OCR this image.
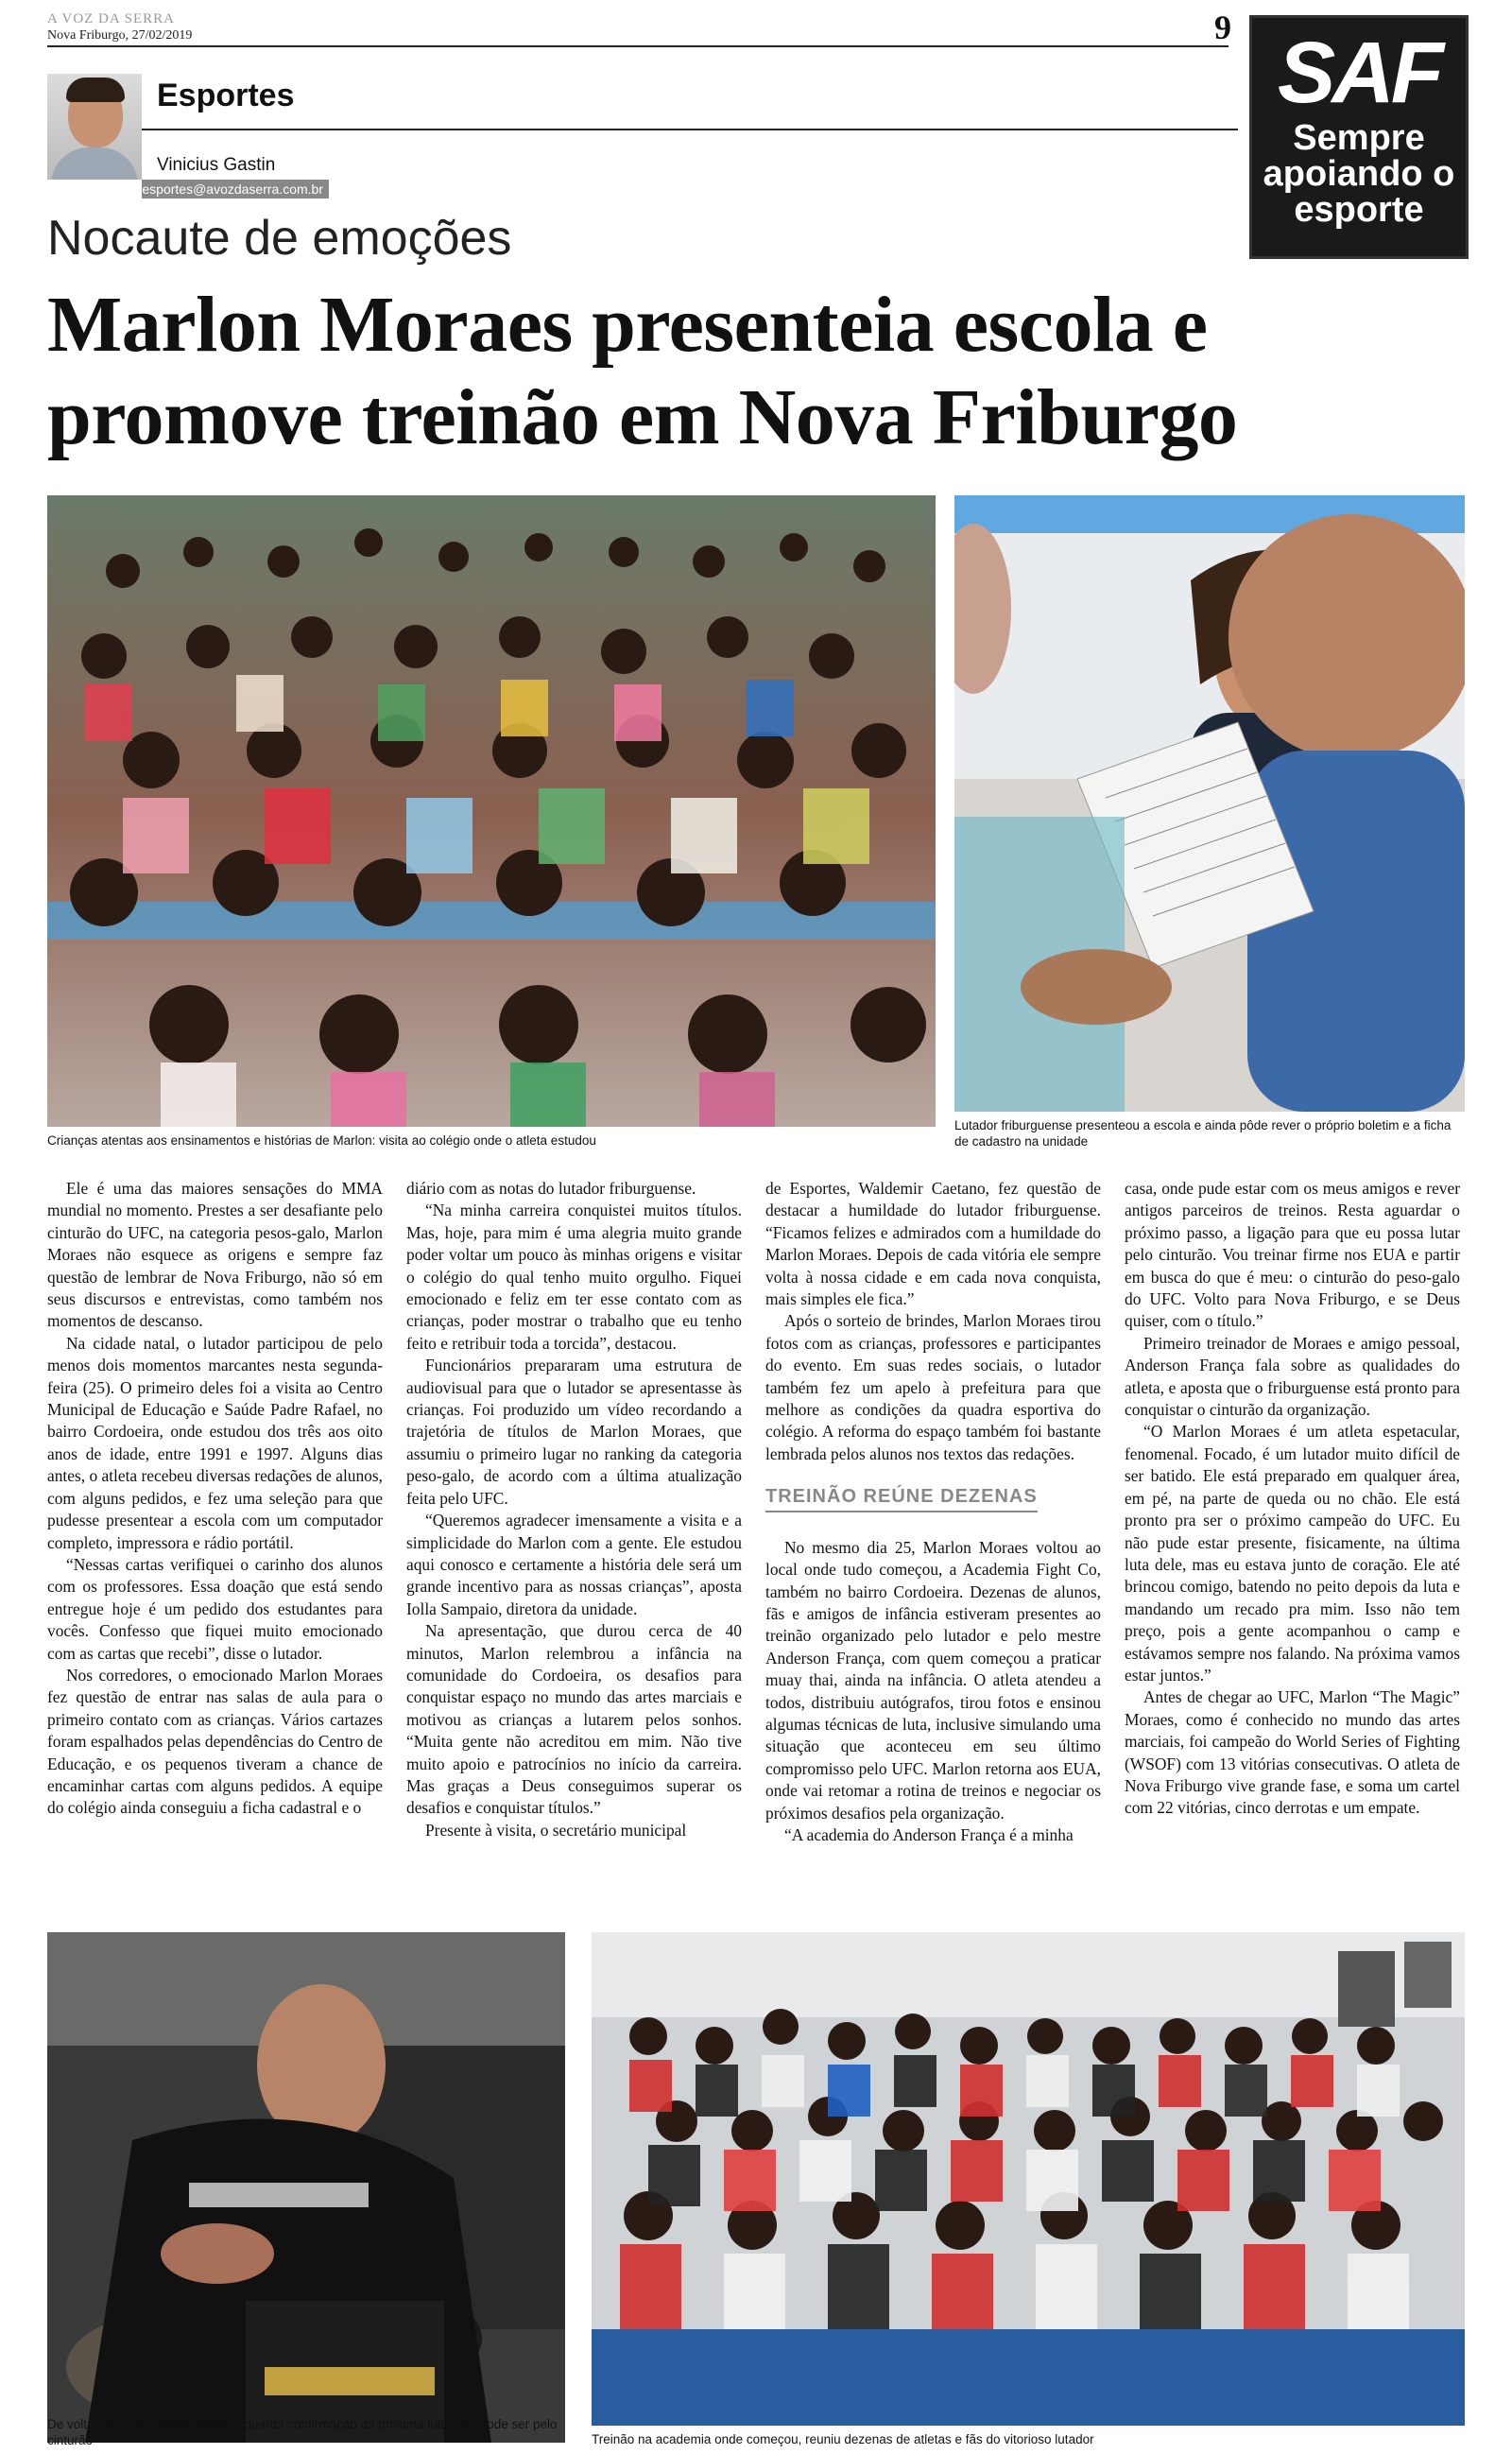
A VOZ DA SERRA
Nova Friburgo, 27/02/2019	9 SAF
Sempre
apoiando o
esporte
Esportes
Vinicius Gastin
esportes@avozdaserra.com.br
Nocaute de emoções
Marlon Moraes presenteia escola e promove treinão em Nova Friburgo
Crianças atentas aos ensinamentos e histórias de Marlon: visita ao colégio onde o atleta estudou
Lutador friburguense presenteou a escola e ainda pôde rever o próprio boletim e a ficha de cadastro na unidade

Ele é uma das maiores sensações do MMA mundial no momento. Prestes a ser desafiante pelo cinturão do UFC, na categoria pesos-galo, Marlon Moraes não esquece as origens e sempre faz questão de lembrar de Nova Friburgo, não só em seus discursos e entrevistas, como também nos momentos de descanso.

Na cidade natal, o lutador participou de pelo menos dois momentos marcantes nesta segunda-feira (25). O primeiro deles foi a visita ao Centro Municipal de Educação e Saúde Padre Rafael, no bairro Cordoeira, onde estudou dos três aos oito anos de idade, entre 1991 e 1997. Alguns dias antes, o atleta recebeu diversas redações de alunos, com alguns pedidos, e fez uma seleção para que pudesse presentear a escola com um computador completo, impressora e rádio portátil.

“Nessas cartas verifiquei o carinho dos alunos com os professores. Essa doação que está sendo entregue hoje é um pedido dos estudantes para vocês. Confesso que fiquei muito emocionado com as cartas que recebi”, disse o lutador.

Nos corredores, o emocionado Marlon Moraes fez questão de entrar nas salas de aula para o primeiro contato com as crianças. Vários cartazes foram espalhados pelas dependências do Centro de Educação, e os pequenos tiveram a chance de encaminhar cartas com alguns pedidos. A equipe do colégio ainda conseguiu a ficha cadastral e o

diário com as notas do lutador friburguense.

“Na minha carreira conquistei muitos títulos. Mas, hoje, para mim é uma alegria muito grande poder voltar um pouco às minhas origens e visitar o colégio do qual tenho muito orgulho. Fiquei emocionado e feliz em ter esse contato com as crianças, poder mostrar o trabalho que eu tenho feito e retribuir toda a torcida”, destacou.

Funcionários prepararam uma estrutura de audiovisual para que o lutador se apresentasse às crianças. Foi produzido um vídeo recordando a trajetória de títulos de Marlon Moraes, que assumiu o primeiro lugar no ranking da categoria peso-galo, de acordo com a última atualização feita pelo UFC.

“Queremos agradecer imensamente a visita e a simplicidade do Marlon com a gente. Ele estudou aqui conosco e certamente a história dele será um grande incentivo para as nossas crianças”, aposta Iolla Sampaio, diretora da unidade.

Na apresentação, que durou cerca de 40 minutos, Marlon relembrou a infância na comunidade do Cordoeira, os desafios para conquistar espaço no mundo das artes marciais e motivou as crianças a lutarem pelos sonhos. “Muita gente não acreditou em mim. Não tive muito apoio e patrocínios no início da carreira. Mas graças a Deus conseguimos superar os desafios e conquistar títulos.”

Presente à visita, o secretário municipal

de Esportes, Waldemir Caetano, fez questão de destacar a humildade do lutador friburguense. “Ficamos felizes e admirados com a humildade do Marlon Moraes. Depois de cada vitória ele sempre volta à nossa cidade e em cada nova conquista, mais simples ele fica.”

Após o sorteio de brindes, Marlon Moraes tirou fotos com as crianças, professores e participantes do evento. Em suas redes sociais, o lutador também fez um apelo à prefeitura para que melhore as condições da quadra esportiva do colégio. A reforma do espaço também foi bastante lembrada pelos alunos nos textos das redações.

TREINÃO REÚNE DEZENAS

No mesmo dia 25, Marlon Moraes voltou ao local onde tudo começou, a Academia Fight Co, também no bairro Cordoeira. Dezenas de alunos, fãs e amigos de infância estiveram presentes ao treinão organizado pelo lutador e pelo mestre Anderson França, com quem começou a praticar muay thai, ainda na infância. O atleta atendeu a todos, distribuiu autógrafos, tirou fotos e ensinou algumas técnicas de luta, inclusive simulando uma situação que aconteceu em seu último compromisso pelo UFC. Marlon retorna aos EUA, onde vai retomar a rotina de treinos e negociar os próximos desafios pela organização.

“A academia do Anderson França é a minha

casa, onde pude estar com os meus amigos e rever antigos parceiros de treinos. Resta aguardar o próximo passo, a ligação para que eu possa lutar pelo cinturão. Vou treinar firme nos EUA e partir em busca do que é meu: o cinturão do peso-galo do UFC. Volto para Nova Friburgo, e se Deus quiser, com o título.”

Primeiro treinador de Moraes e amigo pessoal, Anderson França fala sobre as qualidades do atleta, e aposta que o friburguense está pronto para conquistar o cinturão da organização.

“O Marlon Moraes é um atleta espetacular, fenomenal. Focado, é um lutador muito difícil de ser batido. Ele está preparado em qualquer área, em pé, na parte de queda ou no chão. Ele está pronto pra ser o próximo campeão do UFC. Eu não pude estar presente, fisicamente, na última luta dele, mas eu estava junto de coração. Ele até brincou comigo, batendo no peito depois da luta e mandando um recado pra mim. Isso não tem preço, pois a gente acompanhou o camp e estávamos sempre nos falando. Na próxima vamos estar juntos.”

Antes de chegar ao UFC, Marlon “The Magic” Moraes, como é conhecido no mundo das artes marciais, foi campeão do World Series of Fighting (WSOF) com 13 vitórias consecutivas. O atleta de Nova Friburgo vive grande fase, e soma um cartel com 22 vitórias, cinco derrotas e um empate.

De volta aos EUA, agora Moraes aguarda confirmação da próxima luta, que pode ser pelo cinturão	Treinão na academia onde começou, reuniu dezenas de atletas e fãs do vitorioso lutador
